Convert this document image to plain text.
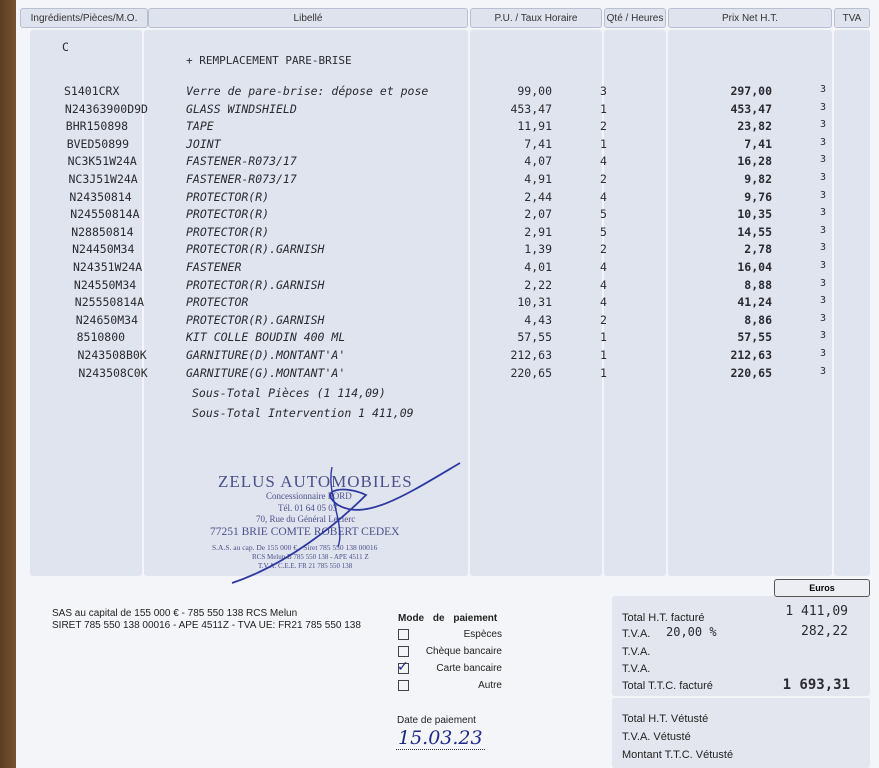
Ingrédients/Pièces/M.O.	Libellé	P.U. / Taux Horaire	Qté / Heures	Prix Net H.T.	TVA
C
+ REMPLACEMENT PARE-BRISE
S1401CRX	Verre de pare-brise: dépose et pose	99,00	3	297,00	3
N24363900D9D	GLASS WINDSHIELD	453,47	1	453,47	3
BHR150898	TAPE	11,91	2	23,82	3
BVED50899	JOINT	7,41	1	7,41	3
NC3K51W24A	FASTENER-R073/17	4,07	4	16,28	3
NC3J51W24A	FASTENER-R073/17	4,91	2	9,82	3
N24350814	PROTECTOR(R)	2,44	4	9,76	3
N24550814A	PROTECTOR(R)	2,07	5	10,35	3
N28850814	PROTECTOR(R)	2,91	5	14,55	3
N24450M34	PROTECTOR(R).GARNISH	1,39	2	2,78	3
N24351W24A	FASTENER	4,01	4	16,04	3
N24550M34	PROTECTOR(R).GARNISH	2,22	4	8,88	3
N25550814A	PROTECTOR	10,31	4	41,24	3
N24650M34	PROTECTOR(R).GARNISH	4,43	2	8,86	3
8510800	KIT COLLE BOUDIN 400 ML	57,55	1	57,55	3
N243508B0K	GARNITURE(D).MONTANT'A'	212,63	1	212,63	3
N243508C0K	GARNITURE(G).MONTANT'A'	220,65	1	220,65	3
Sous-Total Pièces (1 114,09)
Sous-Total Intervention 1 411,09
ZELUS AUTOMOBILES
Concessionnaire FORD
Tél. 01 64 05 03
70, Rue du Général Leclerc
77251 BRIE COMTE ROBERT CEDEX
S.A.S. au cap. De 155 000 € - Siret 785 550 138 00016
RCS Melun B 785 550 138 - APE 4511 Z
T.V.A. C.E.E. FR 21 785 550 138
SAS au capital de 155 000 € - 785 550 138 RCS Melun
SIRET 785 550 138 00016 - APE 4511Z - TVA UE: FR21 785 550 138
Mode de paiement
Espèces
Chèque bancaire
✓	Carte bancaire
Autre
Date de paiement
15.03.23
Euros
Total H.T. facturé	1 411,09
T.V.A. 20,00 %	282,22
T.V.A.
T.V.A.
Total T.T.C. facturé	1 693,31
Total H.T. Vétusté
T.V.A. Vétusté
Montant T.T.C. Vétusté
